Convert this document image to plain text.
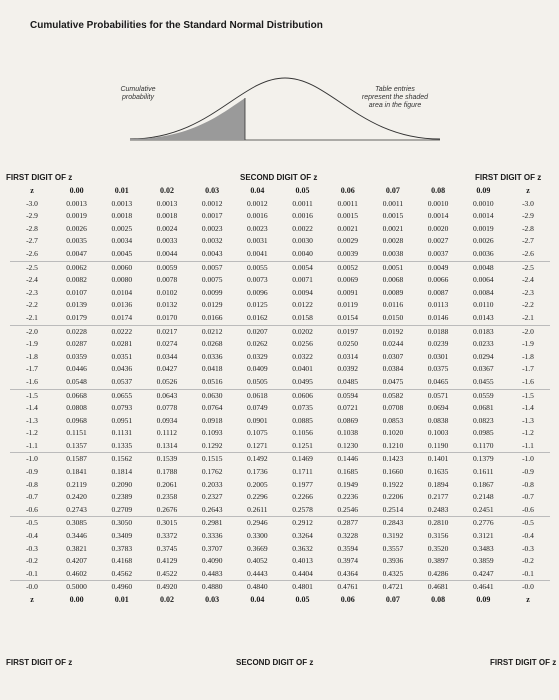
Cumulative Probabilities for the Standard Normal Distribution
Cumulative probability
Table entries represent the shaded area in the figure
FIRST DIGIT OF z	SECOND DIGIT OF z	FIRST DIGIT OF z
z	0.00	0.01	0.02	0.03	0.04	0.05	0.06	0.07	0.08	0.09	z
-3.0	0.0013	0.0013	0.0013	0.0012	0.0012	0.0011	0.0011	0.0011	0.0010	0.0010	-3.0
-2.9	0.0019	0.0018	0.0018	0.0017	0.0016	0.0016	0.0015	0.0015	0.0014	0.0014	-2.9
-2.8	0.0026	0.0025	0.0024	0.0023	0.0023	0.0022	0.0021	0.0021	0.0020	0.0019	-2.8
-2.7	0.0035	0.0034	0.0033	0.0032	0.0031	0.0030	0.0029	0.0028	0.0027	0.0026	-2.7
-2.6	0.0047	0.0045	0.0044	0.0043	0.0041	0.0040	0.0039	0.0038	0.0037	0.0036	-2.6
-2.5	0.0062	0.0060	0.0059	0.0057	0.0055	0.0054	0.0052	0.0051	0.0049	0.0048	-2.5
-2.4	0.0082	0.0080	0.0078	0.0075	0.0073	0.0071	0.0069	0.0068	0.0066	0.0064	-2.4
-2.3	0.0107	0.0104	0.0102	0.0099	0.0096	0.0094	0.0091	0.0089	0.0087	0.0084	-2.3
-2.2	0.0139	0.0136	0.0132	0.0129	0.0125	0.0122	0.0119	0.0116	0.0113	0.0110	-2.2
-2.1	0.0179	0.0174	0.0170	0.0166	0.0162	0.0158	0.0154	0.0150	0.0146	0.0143	-2.1
-2.0	0.0228	0.0222	0.0217	0.0212	0.0207	0.0202	0.0197	0.0192	0.0188	0.0183	-2.0
-1.9	0.0287	0.0281	0.0274	0.0268	0.0262	0.0256	0.0250	0.0244	0.0239	0.0233	-1.9
-1.8	0.0359	0.0351	0.0344	0.0336	0.0329	0.0322	0.0314	0.0307	0.0301	0.0294	-1.8
-1.7	0.0446	0.0436	0.0427	0.0418	0.0409	0.0401	0.0392	0.0384	0.0375	0.0367	-1.7
-1.6	0.0548	0.0537	0.0526	0.0516	0.0505	0.0495	0.0485	0.0475	0.0465	0.0455	-1.6
-1.5	0.0668	0.0655	0.0643	0.0630	0.0618	0.0606	0.0594	0.0582	0.0571	0.0559	-1.5
-1.4	0.0808	0.0793	0.0778	0.0764	0.0749	0.0735	0.0721	0.0708	0.0694	0.0681	-1.4
-1.3	0.0968	0.0951	0.0934	0.0918	0.0901	0.0885	0.0869	0.0853	0.0838	0.0823	-1.3
-1.2	0.1151	0.1131	0.1112	0.1093	0.1075	0.1056	0.1038	0.1020	0.1003	0.0985	-1.2
-1.1	0.1357	0.1335	0.1314	0.1292	0.1271	0.1251	0.1230	0.1210	0.1190	0.1170	-1.1
-1.0	0.1587	0.1562	0.1539	0.1515	0.1492	0.1469	0.1446	0.1423	0.1401	0.1379	-1.0
-0.9	0.1841	0.1814	0.1788	0.1762	0.1736	0.1711	0.1685	0.1660	0.1635	0.1611	-0.9
-0.8	0.2119	0.2090	0.2061	0.2033	0.2005	0.1977	0.1949	0.1922	0.1894	0.1867	-0.8
-0.7	0.2420	0.2389	0.2358	0.2327	0.2296	0.2266	0.2236	0.2206	0.2177	0.2148	-0.7
-0.6	0.2743	0.2709	0.2676	0.2643	0.2611	0.2578	0.2546	0.2514	0.2483	0.2451	-0.6
-0.5	0.3085	0.3050	0.3015	0.2981	0.2946	0.2912	0.2877	0.2843	0.2810	0.2776	-0.5
-0.4	0.3446	0.3409	0.3372	0.3336	0.3300	0.3264	0.3228	0.3192	0.3156	0.3121	-0.4
-0.3	0.3821	0.3783	0.3745	0.3707	0.3669	0.3632	0.3594	0.3557	0.3520	0.3483	-0.3
-0.2	0.4207	0.4168	0.4129	0.4090	0.4052	0.4013	0.3974	0.3936	0.3897	0.3859	-0.2
-0.1	0.4602	0.4562	0.4522	0.4483	0.4443	0.4404	0.4364	0.4325	0.4286	0.4247	-0.1
-0.0	0.5000	0.4960	0.4920	0.4880	0.4840	0.4801	0.4761	0.4721	0.4681	0.4641	-0.0
z	0.00	0.01	0.02	0.03	0.04	0.05	0.06	0.07	0.08	0.09	z
FIRST DIGIT OF z	SECOND DIGIT OF z	FIRST DIGIT OF z
